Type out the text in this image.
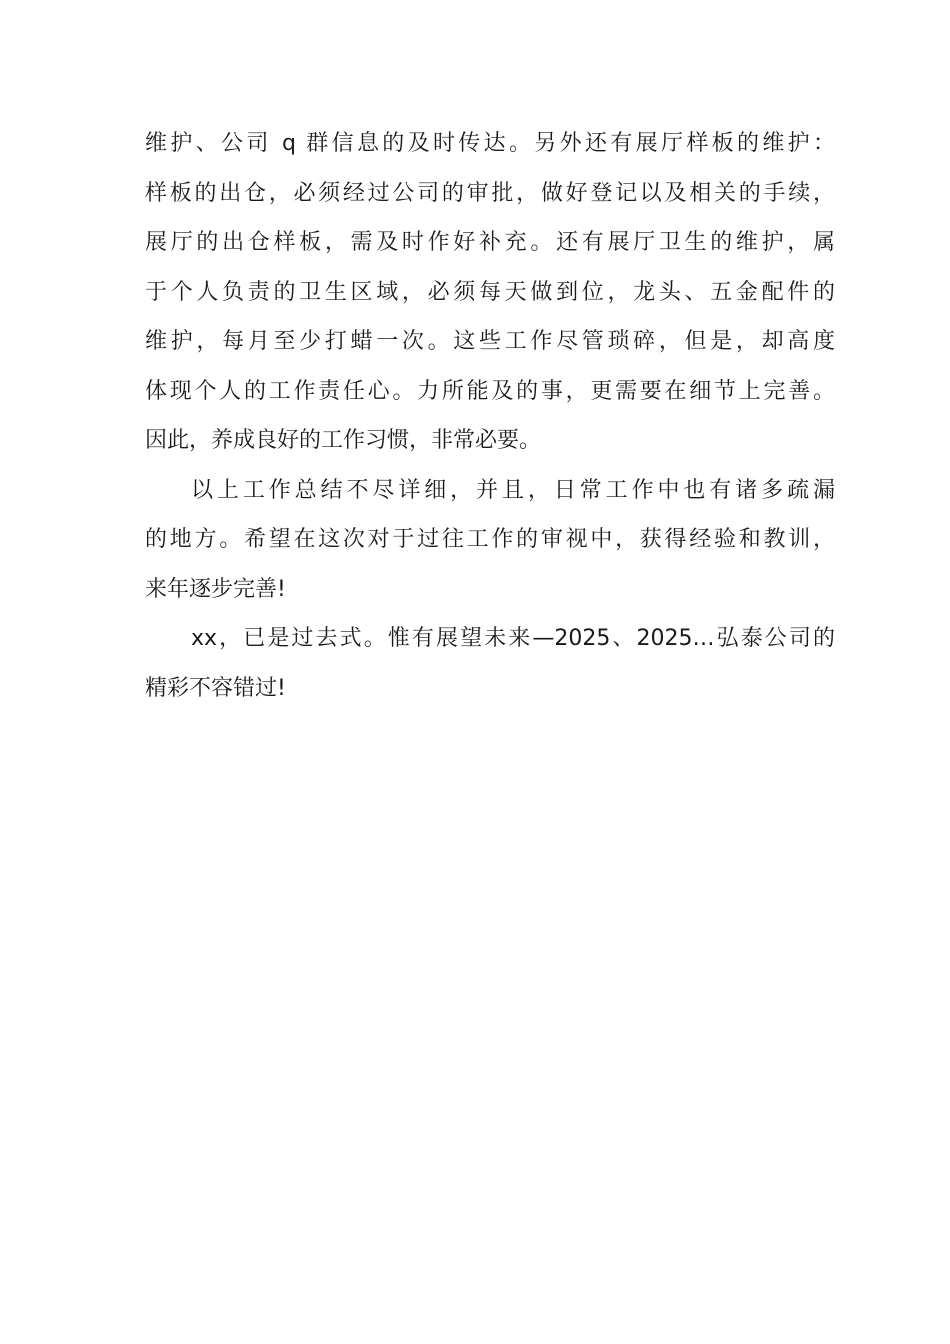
维护、公司 q 群信息的及时传达。另外还有展厅样板的维护：
样板的出仓，必须经过公司的审批，做好登记以及相关的手续，
展厅的出仓样板，需及时作好补充。还有展厅卫生的维护，属
于个人负责的卫生区域，必须每天做到位，龙头、五金配件的
维护，每月至少打蜡一次。这些工作尽管琐碎，但是，却高度
体现个人的工作责任心。力所能及的事，更需要在细节上完善。
因此，养成良好的工作习惯，非常必要。
以上工作总结不尽详细，并且，日常工作中也有诸多疏漏
的地方。希望在这次对于过往工作的审视中，获得经验和教训，
来年逐步完善!
xx，已是过去式。惟有展望未来—2025、2025…弘泰公司的
精彩不容错过!
